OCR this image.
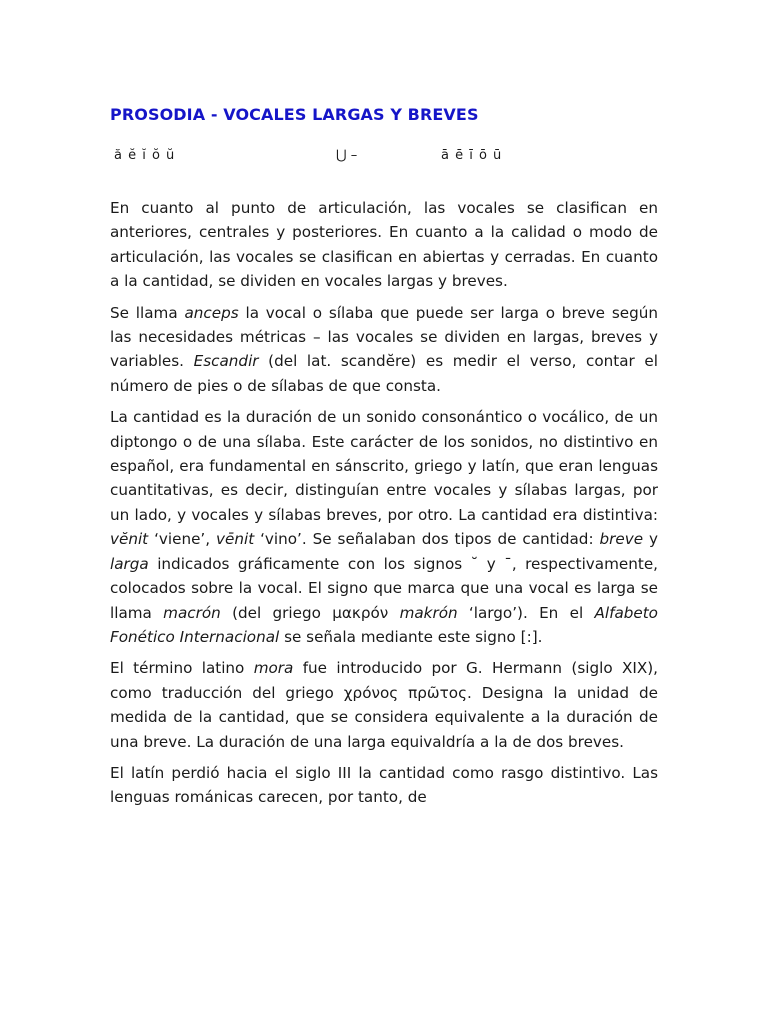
PROSODIA - VOCALES LARGAS Y BREVES
ă ĕ ĭ ŏ ŭ	⋃ –	ā ē ī ō ū

En cuanto al punto de articulación, las vocales se clasifican en anteriores, centrales y posteriores. En cuanto a la calidad o modo de articulación, las vocales se clasifican en abiertas y cerradas. En cuanto a la cantidad, se dividen en vocales largas y breves.

Se llama anceps la vocal o sílaba que puede ser larga o breve según las necesidades métricas – las vocales se dividen en largas, breves y variables. Escandir (del lat. scandĕre) es medir el verso, contar el número de pies o de sílabas de que consta.

La cantidad es la duración de un sonido consonántico o vocálico, de un diptongo o de una sílaba. Este carácter de los sonidos, no distintivo en español, era fundamental en sánscrito, griego y latín, que eran lenguas cuantitativas, es decir, distinguían entre vocales y sílabas largas, por un lado, y vocales y sílabas breves, por otro. La cantidad era distintiva: vĕnit ‘viene’, vēnit ‘vino’. Se señalaban dos tipos de cantidad: breve y larga indicados gráficamente con los signos ˘ y ¯, respectivamente, colocados sobre la vocal. El signo que marca que una vocal es larga se llama macrón (del griego μακρόν makrón ‘largo’). En el Alfabeto Fonético Internacional se señala mediante este signo [:].

El término latino mora fue introducido por G. Hermann (siglo XIX), como traducción del griego χρόνος πρῶτος. Designa la unidad de medida de la cantidad, que se considera equivalente a la duración de una breve. La duración de una larga equivaldría a la de dos breves.

El latín perdió hacia el siglo III la cantidad como rasgo distintivo. Las lenguas románicas carecen, por tanto, de
